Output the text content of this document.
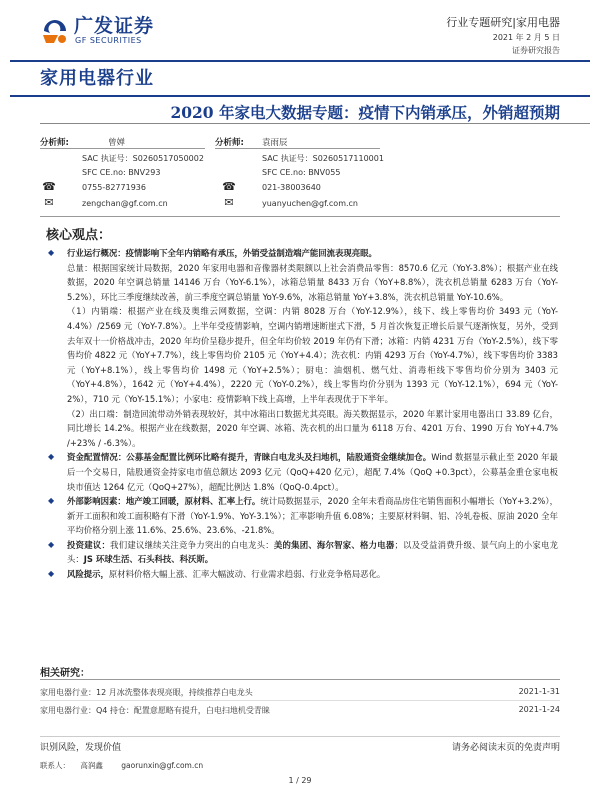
广发证券
GF SECURITIES
行业专题研究|家用电器
2021 年 2 月 5 日
证券研究报告
家用电器行业
2020 年家电大数据专题：疫情下内销承压，外销超预期
分析师:	曾婵
SAC 执证号：S0260517050002
SFC CE.no: BNV293
☎	0755-82771936
✉	zengchan@gf.com.cn
分析师: 袁雨辰
SAC 执证号：S0260517110001
SFC CE.no: BNV055
☎	021-38003640
✉	yuanyuchen@gf.com.cn
核心观点：

◆ 行业运行概况：疫情影响下全年内销略有承压，外销受益制造端产能回流表现亮眼。

总量：根据国家统计局数据，2020 年家用电器和音像器材类限额以上社会消费品零售：8570.6 亿元（YoY-3.8%）；根据产业在线数据，2020 年空调总销量 14146 万台（YoY-6.1%），冰箱总销量 8433 万台（YoY+8.8%），洗衣机总销量 6283 万台（YoY-5.2%），环比三季度继续改善，前三季度空调总销量 YoY-9.6%，冰箱总销量 YoY+3.8%，洗衣机总销量 YoY-10.6%。

（1）内销端：根据产业在线及奥维云网数据，空调：内销 8028 万台（YoY-12.9%），线下、线上零售均价 3493 元（YoY-4.4%）/2569 元（YoY-7.8%）。上半年受疫情影响，空调内销增速断崖式下滑，5 月首次恢复正增长后景气逐渐恢复，另外，受到去年双十一价格战冲击，2020 年均价呈稳步提升，但全年均价较 2019 年仍有下滑；冰箱：内销 4231 万台（YoY-2.5%），线下零售均价 4822 元（YoY+7.7%），线上零售均价 2105 元（YoY+4.4）；洗衣机：内销 4293 万台（YoY-4.7%），线下零售均价 3383 元（YoY+8.1%），线上零售均价 1498 元（YoY+2.5%）；厨电：油烟机、燃气灶、消毒柜线下零售均价分别为 3403 元（YoY+4.8%），1642 元（YoY+4.4%），2220 元（YoY-0.2%），线上零售均价分别为 1393 元（YoY-12.1%），694 元（YoY-2%），710 元（YoY-15.1%）；小家电：疫情影响下线上高增，上半年表现优于下半年。

（2）出口端：制造回流带动外销表现较好，其中冰箱出口数据尤其亮眼。海关数据显示，2020 年累计家用电器出口 33.89 亿台，同比增长 14.2%。根据产业在线数据，2020 年空调、冰箱、洗衣机的出口量为 6118 万台、4201 万台、1990 万台 YoY+4.7% /+23% / -6.3%）。

◆ 资金配置情况：公募基金配置比例环比略有提升，青睐白电龙头及扫地机，陆股通资金继续加仓。Wind 数据显示截止至 2020 年最后一个交易日，陆股通资金持家电市值总额达 2093 亿元（QoQ+420 亿元），超配 7.4%（QoQ +0.3pct），公募基金重仓家电板块市值达 1264 亿元（QoQ+27%），超配比例达 1.8%（QoQ-0.4pct）。

◆ 外部影响因素：地产竣工回暖，原材料、汇率上行。统计局数据显示，2020 全年未看商品房住宅销售面积小幅增长（YoY+3.2%），新开工面积和竣工面积略有下滑（YoY-1.9%、YoY-3.1%）；汇率影响升值 6.08%；主要原材料铜、铝、冷轧卷板、原油 2020 全年平均价格分别上涨 11.6%、25.6%、23.6%、-21.8%。

◆ 投资建议：我们建议继续关注竞争力突出的白电龙头：美的集团、海尔智家、格力电器；以及受益消费升级、景气向上的小家电龙头：JS 环球生活、石头科技、科沃斯。

◆ 风险提示，原材料价格大幅上涨、汇率大幅波动、行业需求趋弱、行业竞争格局恶化。

相关研究：
家用电器行业：12 月冰洗整体表现亮眼，持续推荐白电龙头	2021-1-31
家用电器行业：Q4 持仓：配置意愿略有提升，白电扫地机受青睐	2021-1-24
识别风险，发现价值	请务必阅读末页的免责声明
联系人： 高润鑫 gaorunxin@gf.com.cn
1 / 29
